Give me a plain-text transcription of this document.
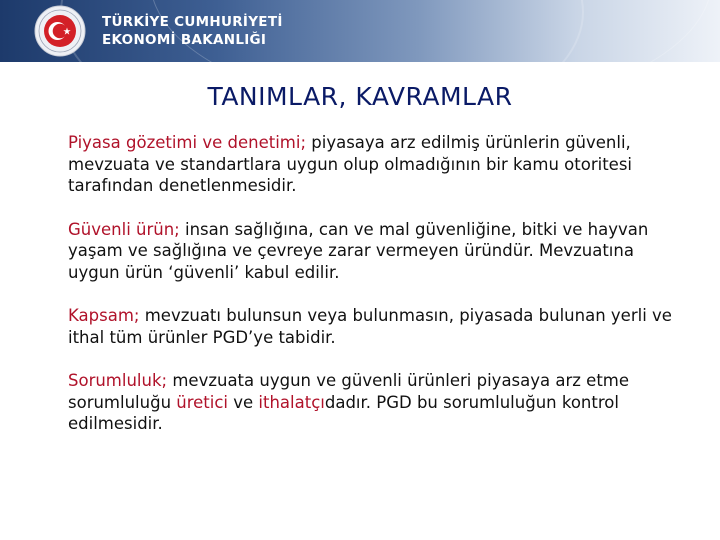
TÜRKİYE CUMHURİYETİ
EKONOMİ BAKANLIĞI
TANIMLAR, KAVRAMLAR

Piyasa gözetimi ve denetimi; piyasaya arz edilmiş ürünlerin güvenli, mevzuata ve standartlara uygun olup olmadığının bir kamu otoritesi tarafından denetlenmesidir.

Güvenli ürün; insan sağlığına, can ve mal güvenliğine, bitki ve hayvan yaşam ve sağlığına ve çevreye zarar vermeyen üründür. Mevzuatına uygun ürün ‘güvenli’ kabul edilir.

Kapsam; mevzuatı bulunsun veya bulunmasın, piyasada bulunan yerli ve ithal tüm ürünler PGD’ye tabidir.

Sorumluluk; mevzuata uygun ve güvenli ürünleri piyasaya arz etme sorumluluğu üretici ve ithalatçıdadır. PGD bu sorumluluğun kontrol edilmesidir.
